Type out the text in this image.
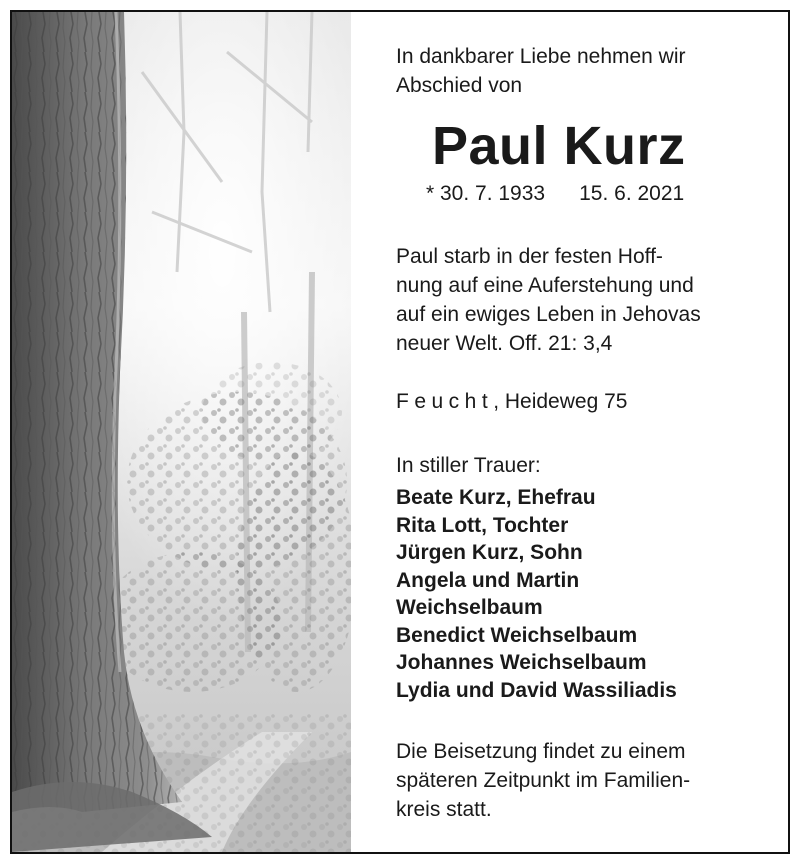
In dankbarer Liebe nehmen wir
Abschied von

Paul Kurz

* 30. 7. 1933 15. 6. 2021

Paul starb in der festen Hoff-
nung auf eine Auferstehung und
auf ein ewiges Leben in Jehovas
neuer Welt. Off. 21: 3,4

Feucht, Heideweg 75

In stiller Trauer:

Beate Kurz, Ehefrau
Rita Lott, Tochter
Jürgen Kurz, Sohn
Angela und Martin
Weichselbaum
Benedict Weichselbaum
Johannes Weichselbaum
Lydia und David Wassiliadis

Die Beisetzung findet zu einem
späteren Zeitpunkt im Familien-
kreis statt.
